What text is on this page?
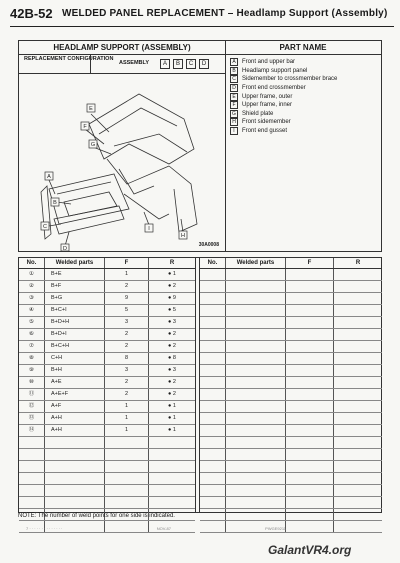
42B-52 WELDED PANEL REPLACEMENT – Headlamp Support (Assembly)
HEADLAMP SUPPORT (ASSEMBLY)
REPLACEMENT CONFIGURATION
ASSEMBLY	A	B	C	D
E
F
G
A
B
C
D
I
H
30A0008
PART NAME
A	Front and upper bar
B	Headlamp support panel
C	Sidemember to crossmember brace
D	Front end crossmember
E	Upper frame, outer
F	Upper frame, inner
G	Shield plate
H	Front sidemember
I	Front end gusset
No.	Welded parts	F	R
①	B+E	1	● 1
②	B+F	2	● 2
③	B+G	9	● 9
④	B+C+I	5	● 5
⑤	B+D+H	3	● 3
⑥	B+D+I	2	● 2
⑦	B+C+H	2	● 2
⑧	C+H	8	● 8
⑨	B+H	3	● 3
⑩	A+E	2	● 2
⑪	A+E+F	2	● 2
⑫	A+F	1	● 1
⑬	A+H	1	● 1
⑭	A+H	1	● 1
No.	Welded parts	F	R
NOTE: The number of weld points for one side is indicated.
7 · · · · · · · · · · · · · ·	NOV-87	PWGE9211
GalantVR4.org
